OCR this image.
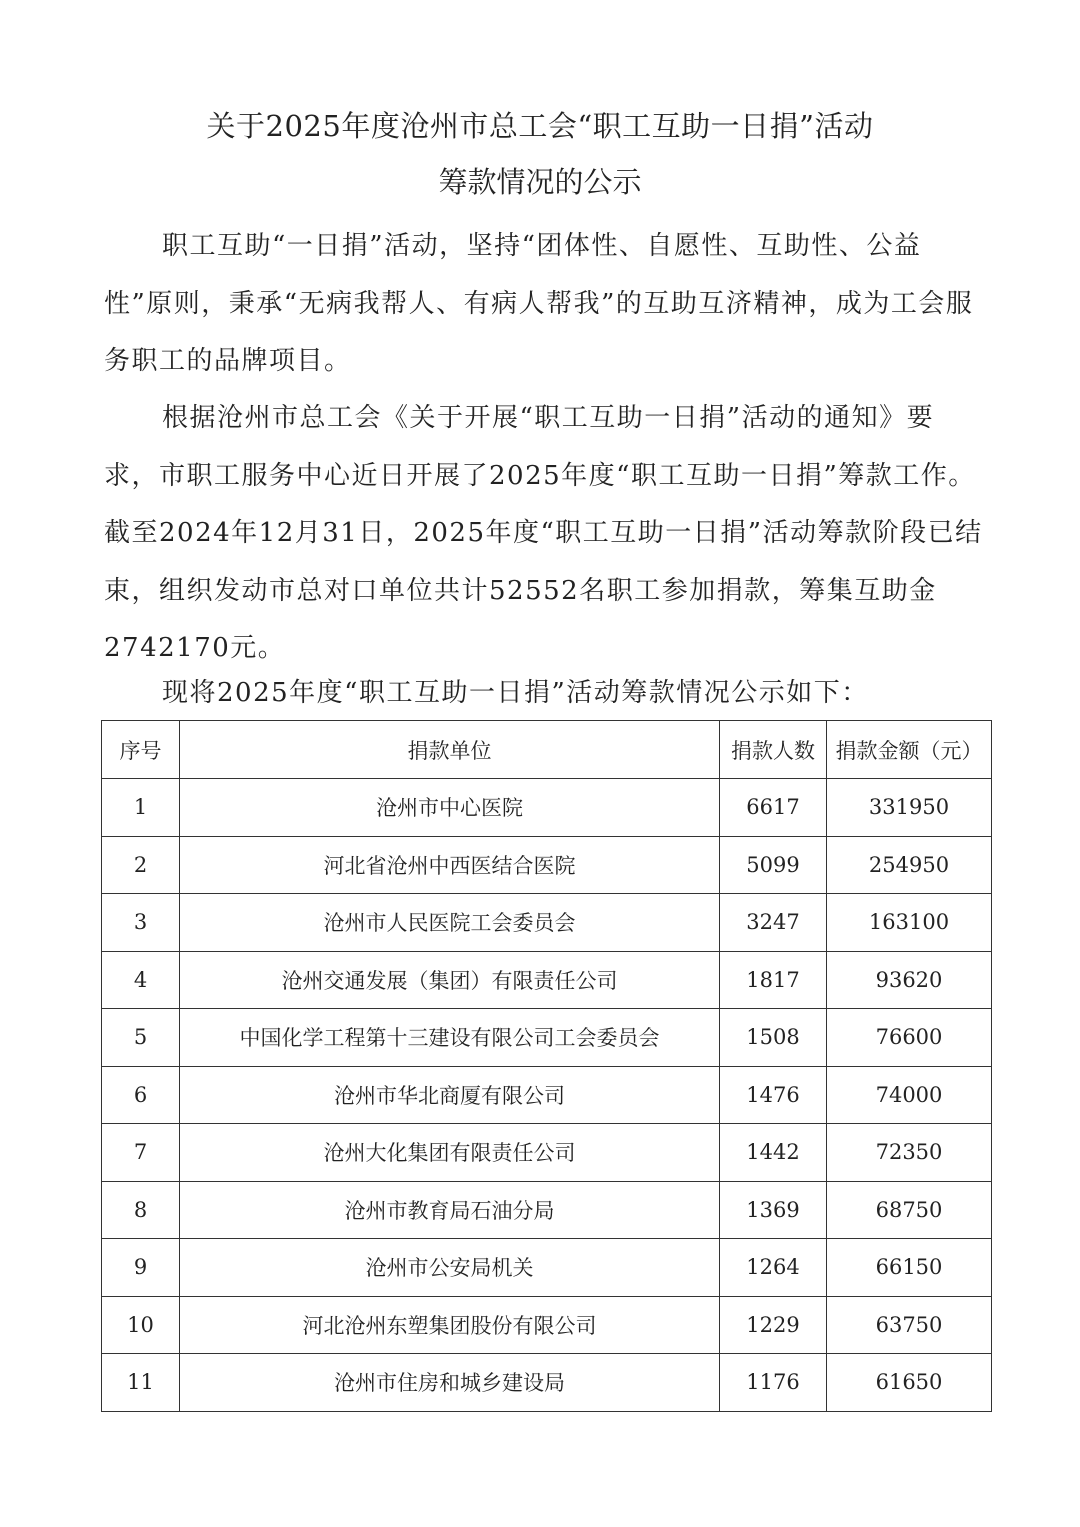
关于2025年度沧州市总工会“职工互助一日捐”活动
筹款情况的公示

职工互助“一日捐”活动，坚持“团体性、自愿性、互助性、公益性”原则，秉承“无病我帮人、有病人帮我”的互助互济精神，成为工会服务职工的品牌项目。

根据沧州市总工会《关于开展“职工互助一日捐”活动的通知》要求，市职工服务中心近日开展了2025年度“职工互助一日捐”筹款工作。截至2024年12月31日，2025年度“职工互助一日捐”活动筹款阶段已结束，组织发动市总对口单位共计52552名职工参加捐款，筹集互助金2742170元。

现将2025年度“职工互助一日捐”活动筹款情况公示如下：

序号	捐款单位	捐款人数	捐款金额（元）
1	沧州市中心医院	6617	331950
2	河北省沧州中西医结合医院	5099	254950
3	沧州市人民医院工会委员会	3247	163100
4	沧州交通发展（集团）有限责任公司	1817	93620
5	中国化学工程第十三建设有限公司工会委员会	1508	76600
6	沧州市华北商厦有限公司	1476	74000
7	沧州大化集团有限责任公司	1442	72350
8	沧州市教育局石油分局	1369	68750
9	沧州市公安局机关	1264	66150
10	河北沧州东塑集团股份有限公司	1229	63750
11	沧州市住房和城乡建设局	1176	61650
